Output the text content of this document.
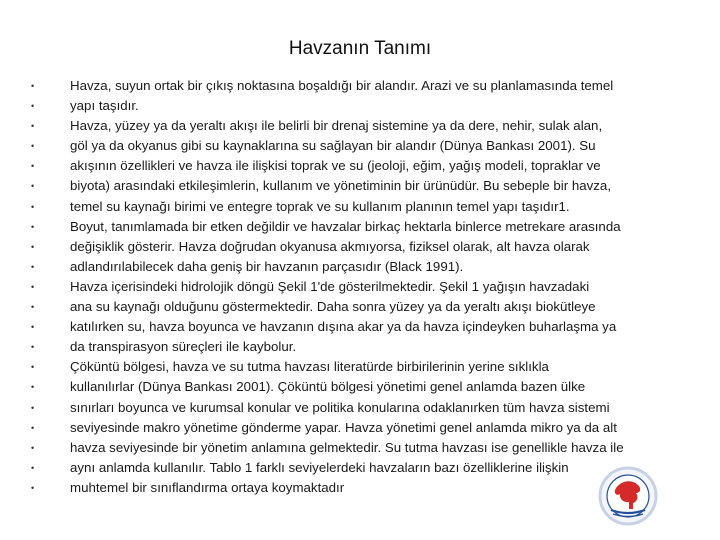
Havzanın Tanımı
•	Havza, suyun ortak bir çıkış noktasına boşaldığı bir alandır. Arazi ve su planlamasında temel
•	yapı taşıdır.
•	Havza, yüzey ya da yeraltı akışı ile belirli bir drenaj sistemine ya da dere, nehir, sulak alan,
•	göl ya da okyanus gibi su kaynaklarına su sağlayan bir alandır (Dünya Bankası 2001). Su
•	akışının özellikleri ve havza ile ilişkisi toprak ve su (jeoloji, eğim, yağış modeli, topraklar ve
•	biyota) arasındaki etkileşimlerin, kullanım ve yönetiminin bir ürünüdür. Bu sebeple bir havza,
•	temel su kaynağı birimi ve entegre toprak ve su kullanım planının temel yapı taşıdır1.
•	Boyut, tanımlamada bir etken değildir ve havzalar birkaç hektarla binlerce metrekare arasında
•	değişiklik gösterir. Havza doğrudan okyanusa akmıyorsa, fiziksel olarak, alt havza olarak
•	adlandırılabilecek daha geniş bir havzanın parçasıdır (Black 1991).
•	Havza içerisindeki hidrolojik döngü Şekil 1'de gösterilmektedir. Şekil 1 yağışın havzadaki
•	ana su kaynağı olduğunu göstermektedir. Daha sonra yüzey ya da yeraltı akışı biokütleye
•	katılırken su, havza boyunca ve havzanın dışına akar ya da havza içindeyken buharlaşma ya
•	da transpirasyon süreçleri ile kaybolur.
•	Çöküntü bölgesi, havza ve su tutma havzası literatürde birbirilerinin yerine sıklıkla
•	kullanılırlar (Dünya Bankası 2001). Çöküntü bölgesi yönetimi genel anlamda bazen ülke
•	sınırları boyunca ve kurumsal konular ve politika konularına odaklanırken tüm havza sistemi
•	seviyesinde makro yönetime gönderme yapar. Havza yönetimi genel anlamda mikro ya da alt
•	havza seviyesinde bir yönetim anlamına gelmektedir. Su tutma havzası ise genellikle havza ile
•	aynı anlamda kullanılır. Tablo 1 farklı seviyelerdeki havzaların bazı özelliklerine ilişkin
•	muhtemel bir sınıflandırma ortaya koymaktadır
